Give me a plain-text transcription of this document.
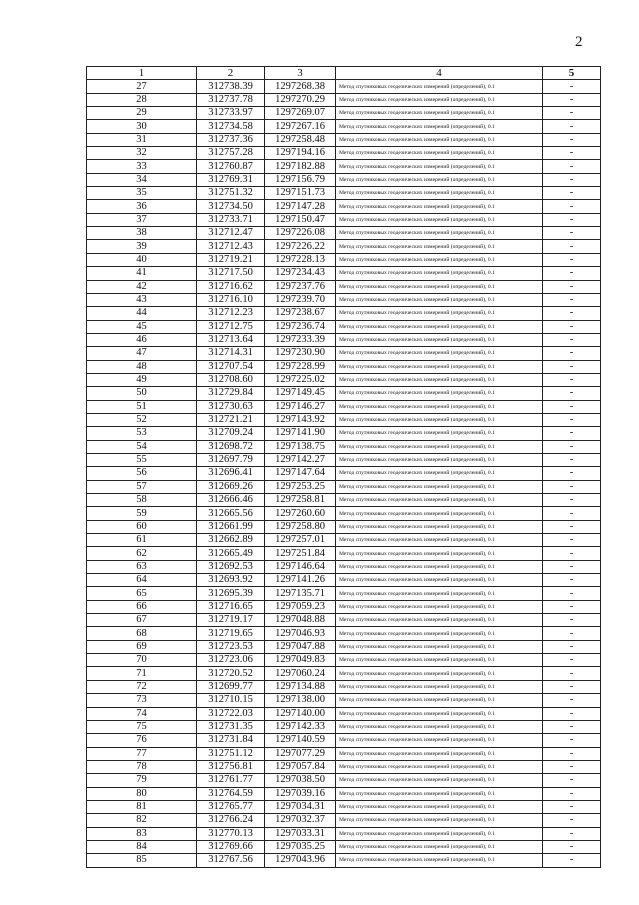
2
1	2	3	4	5
27	312738.39	1297268.38	Метод спутниковых геодезических измерений (определений), 0.1	-
28	312737.78	1297270.29	Метод спутниковых геодезических измерений (определений), 0.1	-
29	312733.97	1297269.07	Метод спутниковых геодезических измерений (определений), 0.1	-
30	312734.58	1297267.16	Метод спутниковых геодезических измерений (определений), 0.1	-
31	312737.36	1297258.48	Метод спутниковых геодезических измерений (определений), 0.1	-
32	312757.28	1297194.16	Метод спутниковых геодезических измерений (определений), 0.1	-
33	312760.87	1297182.88	Метод спутниковых геодезических измерений (определений), 0.1	-
34	312769.31	1297156.79	Метод спутниковых геодезических измерений (определений), 0.1	-
35	312751.32	1297151.73	Метод спутниковых геодезических измерений (определений), 0.1	-
36	312734.50	1297147.28	Метод спутниковых геодезических измерений (определений), 0.1	-
37	312733.71	1297150.47	Метод спутниковых геодезических измерений (определений), 0.1	-
38	312712.47	1297226.08	Метод спутниковых геодезических измерений (определений), 0.1	-
39	312712.43	1297226.22	Метод спутниковых геодезических измерений (определений), 0.1	-
40	312719.21	1297228.13	Метод спутниковых геодезических измерений (определений), 0.1	-
41	312717.50	1297234.43	Метод спутниковых геодезических измерений (определений), 0.1	-
42	312716.62	1297237.76	Метод спутниковых геодезических измерений (определений), 0.1	-
43	312716.10	1297239.70	Метод спутниковых геодезических измерений (определений), 0.1	-
44	312712.23	1297238.67	Метод спутниковых геодезических измерений (определений), 0.1	-
45	312712.75	1297236.74	Метод спутниковых геодезических измерений (определений), 0.1	-
46	312713.64	1297233.39	Метод спутниковых геодезических измерений (определений), 0.1	-
47	312714.31	1297230.90	Метод спутниковых геодезических измерений (определений), 0.1	-
48	312707.54	1297228.99	Метод спутниковых геодезических измерений (определений), 0.1	-
49	312708.60	1297225.02	Метод спутниковых геодезических измерений (определений), 0.1	-
50	312729.84	1297149.45	Метод спутниковых геодезических измерений (определений), 0.1	-
51	312730.63	1297146.27	Метод спутниковых геодезических измерений (определений), 0.1	-
52	312721.21	1297143.92	Метод спутниковых геодезических измерений (определений), 0.1	-
53	312709.24	1297141.90	Метод спутниковых геодезических измерений (определений), 0.1	-
54	312698.72	1297138.75	Метод спутниковых геодезических измерений (определений), 0.1	-
55	312697.79	1297142.27	Метод спутниковых геодезических измерений (определений), 0.1	-
56	312696.41	1297147.64	Метод спутниковых геодезических измерений (определений), 0.1	-
57	312669.26	1297253.25	Метод спутниковых геодезических измерений (определений), 0.1	-
58	312666.46	1297258.81	Метод спутниковых геодезических измерений (определений), 0.1	-
59	312665.56	1297260.60	Метод спутниковых геодезических измерений (определений), 0.1	-
60	312661.99	1297258.80	Метод спутниковых геодезических измерений (определений), 0.1	-
61	312662.89	1297257.01	Метод спутниковых геодезических измерений (определений), 0.1	-
62	312665.49	1297251.84	Метод спутниковых геодезических измерений (определений), 0.1	-
63	312692.53	1297146.64	Метод спутниковых геодезических измерений (определений), 0.1	-
64	312693.92	1297141.26	Метод спутниковых геодезических измерений (определений), 0.1	-
65	312695.39	1297135.71	Метод спутниковых геодезических измерений (определений), 0.1	-
66	312716.65	1297059.23	Метод спутниковых геодезических измерений (определений), 0.1	-
67	312719.17	1297048.88	Метод спутниковых геодезических измерений (определений), 0.1	-
68	312719.65	1297046.93	Метод спутниковых геодезических измерений (определений), 0.1	-
69	312723.53	1297047.88	Метод спутниковых геодезических измерений (определений), 0.1	-
70	312723.06	1297049.83	Метод спутниковых геодезических измерений (определений), 0.1	-
71	312720.52	1297060.24	Метод спутниковых геодезических измерений (определений), 0.1	-
72	312699.77	1297134.88	Метод спутниковых геодезических измерений (определений), 0.1	-
73	312710.15	1297138.00	Метод спутниковых геодезических измерений (определений), 0.1	-
74	312722.03	1297140.00	Метод спутниковых геодезических измерений (определений), 0.1	-
75	312731.35	1297142.33	Метод спутниковых геодезических измерений (определений), 0.1	-
76	312731.84	1297140.59	Метод спутниковых геодезических измерений (определений), 0.1	-
77	312751.12	1297077.29	Метод спутниковых геодезических измерений (определений), 0.1	-
78	312756.81	1297057.84	Метод спутниковых геодезических измерений (определений), 0.1	-
79	312761.77	1297038.50	Метод спутниковых геодезических измерений (определений), 0.1	-
80	312764.59	1297039.16	Метод спутниковых геодезических измерений (определений), 0.1	-
81	312765.77	1297034.31	Метод спутниковых геодезических измерений (определений), 0.1	-
82	312766.24	1297032.37	Метод спутниковых геодезических измерений (определений), 0.1	-
83	312770.13	1297033.31	Метод спутниковых геодезических измерений (определений), 0.1	-
84	312769.66	1297035.25	Метод спутниковых геодезических измерений (определений), 0.1	-
85	312767.56	1297043.96	Метод спутниковых геодезических измерений (определений), 0.1	-
